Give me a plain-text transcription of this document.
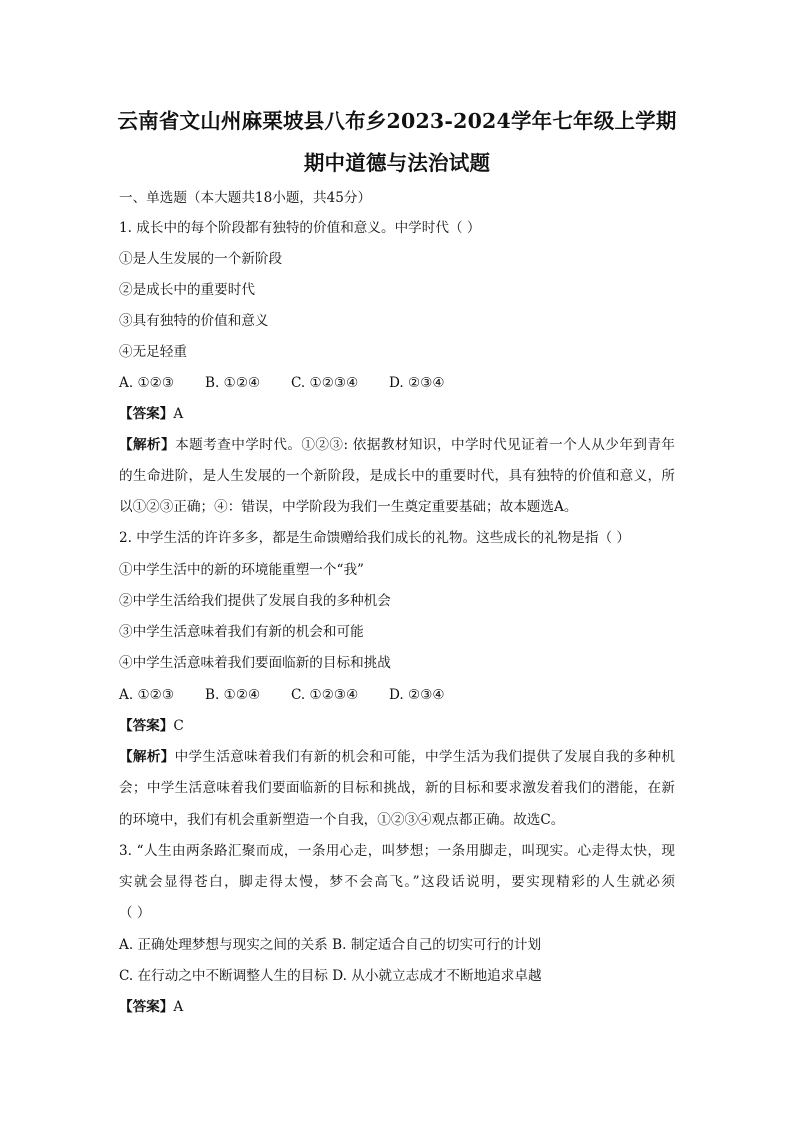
云南省文山州麻栗坡县八布乡2023-2024学年七年级上学期
期中道德与法治试题
一、单选题（本大题共18小题，共45分）
1. 成长中的每个阶段都有独特的价值和意义。中学时代（ ）
①是人生发展的一个新阶段
②是成长中的重要时代
③具有独特的价值和意义
④无足轻重
A. ①②③ B. ①②④ C. ①②③④ D. ②③④
【答案】A
【解析】本题考查中学时代。①②③: 依据教材知识，中学时代见证着一个人从少年到青年
的生命进阶，是人生发展的一个新阶段，是成长中的重要时代，具有独特的价值和意义，所
以①②③正确；④：错误，中学阶段为我们一生奠定重要基础；故本题选A。
2. 中学生活的许许多多，都是生命馈赠给我们成长的礼物。这些成长的礼物是指（ ）
①中学生活中的新的环境能重塑一个“我”
②中学生活给我们提供了发展自我的多种机会
③中学生活意味着我们有新的机会和可能
④中学生活意味着我们要面临新的目标和挑战
A. ①②③ B. ①②④ C. ①②③④ D. ②③④
【答案】C
【解析】中学生活意味着我们有新的机会和可能，中学生活为我们提供了发展自我的多种机
会；中学生活意味着我们要面临新的目标和挑战，新的目标和要求激发着我们的潜能，在新
的环境中，我们有机会重新塑造一个自我，①②③④观点都正确。故选C。
3. “人生由两条路汇聚而成，一条用心走，叫梦想；一条用脚走，叫现实。心走得太快，现
实就会显得苍白，脚走得太慢，梦不会高飞。”这段话说明，要实现精彩的人生就必须
（ ）
A. 正确处理梦想与现实之间的关系 B. 制定适合自己的切实可行的计划
C. 在行动之中不断调整人生的目标 D. 从小就立志成才不断地追求卓越
【答案】A
